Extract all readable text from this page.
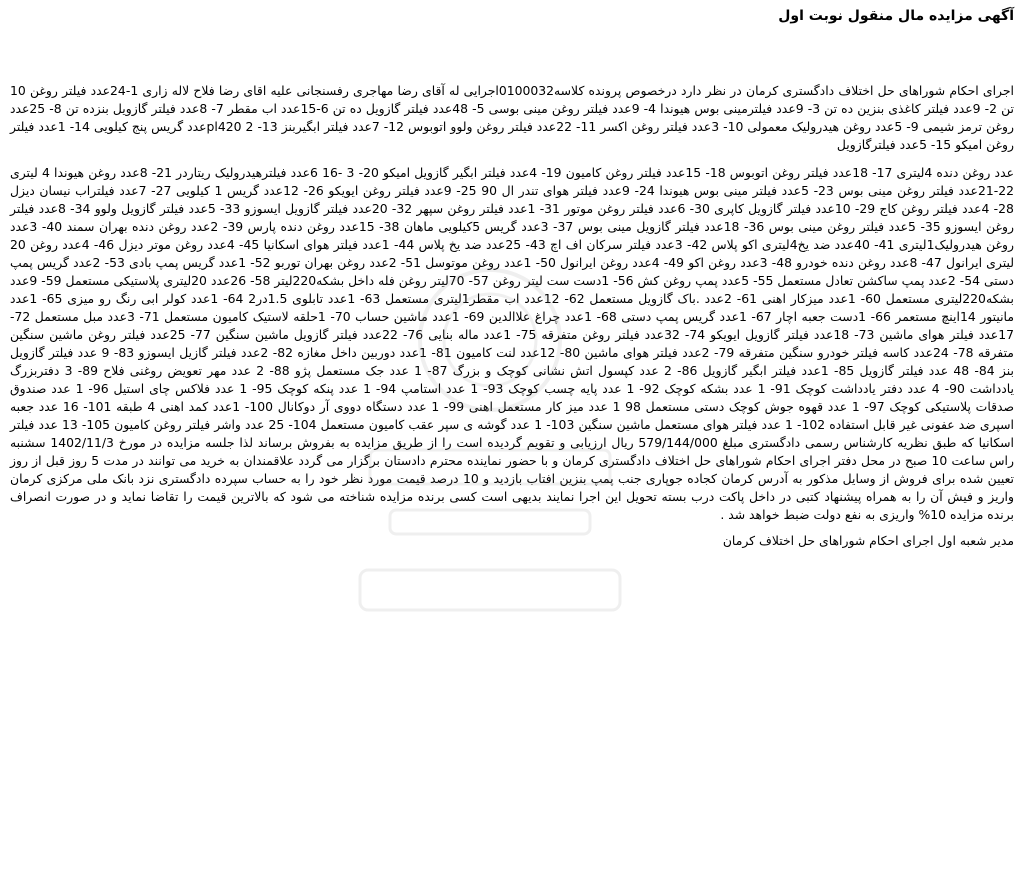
آگهی مزایده مال منقول نوبت اول

اجرای احکام شوراهای حل اختلاف دادگستری کرمان در نظر دارد درخصوص پرونده کلاسه0100032اجرایی له آقای رضا مهاجری رفسنجانی علیه اقای رضا فلاح لاله زاری 1-24عدد فیلتر روغن 10 تن 2- 9عدد فیلتر کاغذی بنزین ده تن 3- 9عدد فیلترمینی بوس هیوندا 4- 9عدد فیلتر روغن مینی بوسی 5- 48عدد فیلتر گازویل ده تن 6-15عدد اب مقطر 7- 8عدد فیلتر گازویل بنزده تن 8- 25عدد روغن ترمز شیمی 9- 5عدد روغن هیدرولیک معمولی 10- 3عدد فیلتر روغن اکسر 11- 22عدد فیلتر روغن ولوو اتوبوس 12- 7عدد فیلتر ابگیربنز 13- pl420 2عدد گریس پنج کیلویی 14- 1عدد فیلتر روغن امیکو 15- 5عدد فیلترگازویل

عدد روغن دنده 4لیتری 17- 18عدد فیلتر روغن اتوبوس 18- 15عدد فیلتر روغن کامیون 19- 4عدد فیلتر ابگیر گازویل امیکو 20- 3 -16 6عدد فیلترهیدرولیک ریتاردر 21- 8عدد روغن هیوندا 4 لیتری 22-21عدد فیلتر روغن مینی بوس 23- 5عدد فیلتر مینی بوس هیوندا 24- 9عدد فیلتر هوای تندر ال 90 25- 9عدد فیلتر روغن ایویکو 26- 12عدد گریس 1 کیلویی 27- 7عدد فیلتراب نیسان دیزل 28- 4عدد فیلتر روغن کاج 29- 10عدد فیلتر گازویل کاپری 30- 6عدد فیلتر روغن موتور 31- 1عدد فیلتر روغن سپهر 32- 20عدد فیلتر گازویل ایسوزو 33- 5عدد فیلتر گازویل ولوو 34- 8عدد فیلتر روغن ایسوزو 35- 5عدد فیلتر روغن مینی بوس 36- 18عدد فیلتر گازویل مینی بوس 37- 3عدد گریس 5کیلویی ماهان 38- 15عدد روغن دنده پارس 39- 2عدد روغن دنده بهران سمند 40- 3عدد روغن هیدرولیک1لیتری 41- 40عدد ضد یخ4لیتری اکو پلاس 42- 3عدد فیلتر سرکان اف اچ 43- 25عدد ضد یخ پلاس 44- 1عدد فیلتر هوای اسکانیا 45- 4عدد روغن موتر دیزل 46- 4عدد روغن 20 لیتری ایرانول 47- 8عدد روغن دنده خودرو 48- 3عدد روغن اکو 49- 4عدد روغن ایرانول 50- 1عدد روغن موتوسل 51- 2عدد روغن بهران توربو 52- 1عدد گریس پمپ بادی 53- 2عدد گریس پمپ دستی 54- 2عدد پمپ ساکشن تعادل مستعمل 55- 5عدد پمپ روغن کش 56- 1دست ست لیتر روغن 57- 70لیتر روغن فله داخل بشکه220لیتر 58- 26عدد 20لیتری پلاستیکی مستعمل 59- 9عدد بشکه220لیتری مستعمل 60- 1عدد میزکار اهنی 61- 2عدد .باک گازویل مستعمل 62- 12عدد اب مقطر1لیتری مستعمل 63- 1عدد تابلوی 1.5در2 64- 1عدد کولر ابی رنگ رو میزی 65- 1عدد مانیتور 14اینچ مستعمر 66- 1دست جعبه اچار 67- 1عدد گریس پمپ دستی 68- 1عدد چراغ علاالدین 69- 1عدد ماشین حساب 70- 1حلقه لاستیک کامیون مستعمل 71- 3عدد مبل مستعمل 72- 17عدد فیلتر هوای ماشین 73- 18عدد فیلتر گازویل ایویکو 74- 32عدد فیلتر روغن متفرقه 75- 1عدد ماله بنایی 76- 22عدد فیلتر گازویل ماشین سنگین 77- 25عدد فیلتر روغن ماشین سنگین متفرقه 78- 24عدد کاسه فیلتر خودرو سنگین متفرقه 79- 2عدد فیلتر هوای ماشین 80- 12عدد لنت کامیون 81- 1عدد دوربین داخل مغازه 82- 2عدد فیلتر گازیل ایسوزو 83- 9 عدد فیلتر گازویل بنز 84- 48 عدد فیلتر گازویل 85- 1عدد فیلتر ابگیر گازویل 86- 2 عدد کپسول اتش نشانی کوچک و بزرگ 87- 1 عدد جک مستعمل پژو 88- 2 عدد مهر تعویض روغنی فلاح 89- 3 دفتربزرگ یادداشت 90- 4 عدد دفتر یادداشت کوچک 91- 1 عدد بشکه کوچک 92- 1 عدد پایه چسب کوچک 93- 1 عدد استامپ 94- 1 عدد پنکه کوچک 95- 1 عدد فلاکس چای استیل 96- 1 عدد صندوق صدقات پلاستیکی کوچک 97- 1 عدد قهوه جوش کوچک دستی مستعمل 98 1 عدد میز کار مستعمل اهنی 99- 1 عدد دستگاه دووی آر دوکانال 100- 1عدد کمد اهنی 4 طبقه 101- 16 عدد جعبه اسپری ضد عفونی غیر قابل استفاده 102- 1 عدد فیلتر هوای مستعمل ماشین سنگین 103- 1 عدد گوشه ی سپر عقب کامیون مستعمل 104- 25 عدد واشر فیلتر روغن کامیون 105- 13 عدد فیلتر اسکانیا که طبق نظریه کارشناس رسمی دادگستری مبلغ 579/144/000 ریال ارزیابی و تقویم گردیده است را از طریق مزایده به بفروش برساند لذا جلسه مزایده در مورخ 1402/11/3 سشنبه راس ساعت 10 صبح در محل دفتر اجرای احکام شوراهای حل اختلاف دادگستری کرمان و با حضور نماینده محترم دادستان برگزار می گردد علاقمندان به خرید می توانند در مدت 5 روز قبل از روز تعیین شده برای فروش از وسایل مذکور به آدرس کرمان کجاده جوپاری جنب پمپ بنزین افتاب بازدید و 10 درصد قیمت مورد نظر خود را به حساب سپرده دادگستری نزد بانک ملی مرکزی کرمان واریز و فیش آن را به همراه پیشنهاد کتبی در داخل پاکت درب بسته تحویل این اجرا نمایند بدیهی است کسی برنده مزایده شناخته می شود که بالاترین قیمت را تقاضا نماید و در صورت انصراف برنده مزایده 10% واریزی به نفع دولت ضبط خواهد شد .

مدیر شعبه اول اجرای احکام شوراهای حل اختلاف کرمان
